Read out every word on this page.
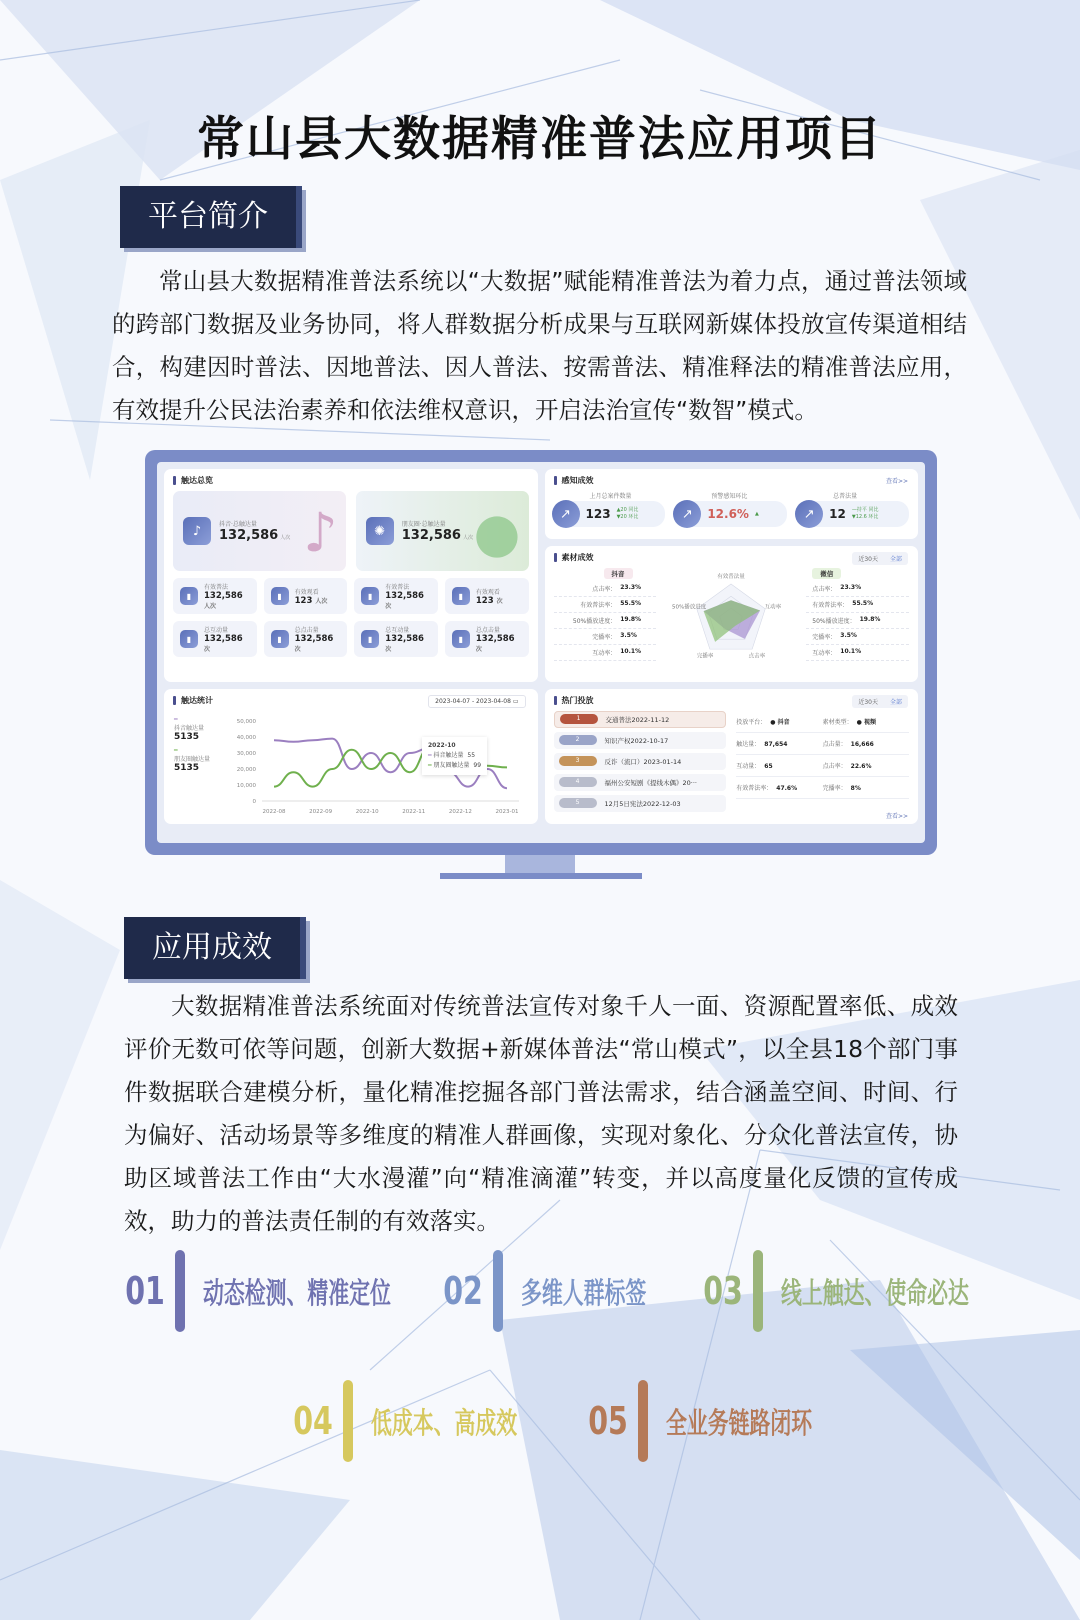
常山县大数据精准普法应用项目
平台简介
常山县大数据精准普法系统以“大数据”赋能精准普法为着力点，通过普法领域的跨部门数据及业务协同，将人群数据分析成果与互联网新媒体投放宣传渠道相结合，构建因时普法、因地普法、因人普法、按需普法、精准释法的精准普法应用，有效提升公民法治素养和依法维权意识，开启法治宣传“数智”模式。
触达总览
♪	抖音·总触达量
132,586 人次 ♪	✺	朋友圈·总触达量
132,586 人次 ●
▮
有效普法
132,586 人次
▮	有效观看
123 人次
▮
有效普法
132,586 次
▮	有效观看
123 次
▮
总互动量
132,586 次
▮
总点击量
132,586 次
▮
总互动量
132,586 次
▮
总点击量
132,586 次
感知成效	查看>>
↗
上月总案件数量
123 ▲20 同比
▼20 环比	↗
预警感知环比
12.6% ▲	↗
总普法量
12 —持平 同比
▼12.6 环比
素材成效	近30天	全部
抖音
点击率： 23.3%
有效普法率： 55.5%
50%播放进度： 19.8%
完播率： 3.5%
互动率： 10.1%
有效普法量
互动率
点击率
完播率
50%播放进度
微信
点击率： 23.3%
有效普法率： 55.5%
50%播放进度： 19.8%
完播率： 3.5%
互动率： 10.1%
触达统计	2023-04-07 - 2023-04-08 ▭
━
抖音触达量
5135
━
朋友圈触达量
5135
50,000
40,000
30,000
20,000
10,000
0
2022-08	2022-09	2022-10	2022-11	2022-12	2023-01
2022-10
━ 抖音触达量 55
━ 朋友圈触达量 99
热门投放	近30天	全部
1	交通普法2022-11-12
2	知识产权2022-10-17
3	反诈（流口）2023-01-14
4	福州公安短剧《提线木偶》20···
5	12月5日宪法2022-12-03
投放平台： ● 抖音	素材类型： ● 视频
触达量： 87,654	点击量： 16,666
互动量： 65	点击率： 22.6%
有效普法率： 47.6%	完播率： 8%
查看>>
应用成效
大数据精准普法系统面对传统普法宣传对象千人一面、资源配置率低、成效评价无数可依等问题，创新大数据+新媒体普法“常山模式”，以全县18个部门事件数据联合建模分析，量化精准挖掘各部门普法需求，结合涵盖空间、时间、行为偏好、活动场景等多维度的精准人群画像，实现对象化、分众化普法宣传，协助区域普法工作由“大水漫灌”向“精准滴灌”转变，并以高度量化反馈的宣传成效，助力的普法责任制的有效落实。
01 动态检测、精准定位 02 多维人群标签 03 线上触达、使命必达
04 低成本、高成效 05 全业务链路闭环
